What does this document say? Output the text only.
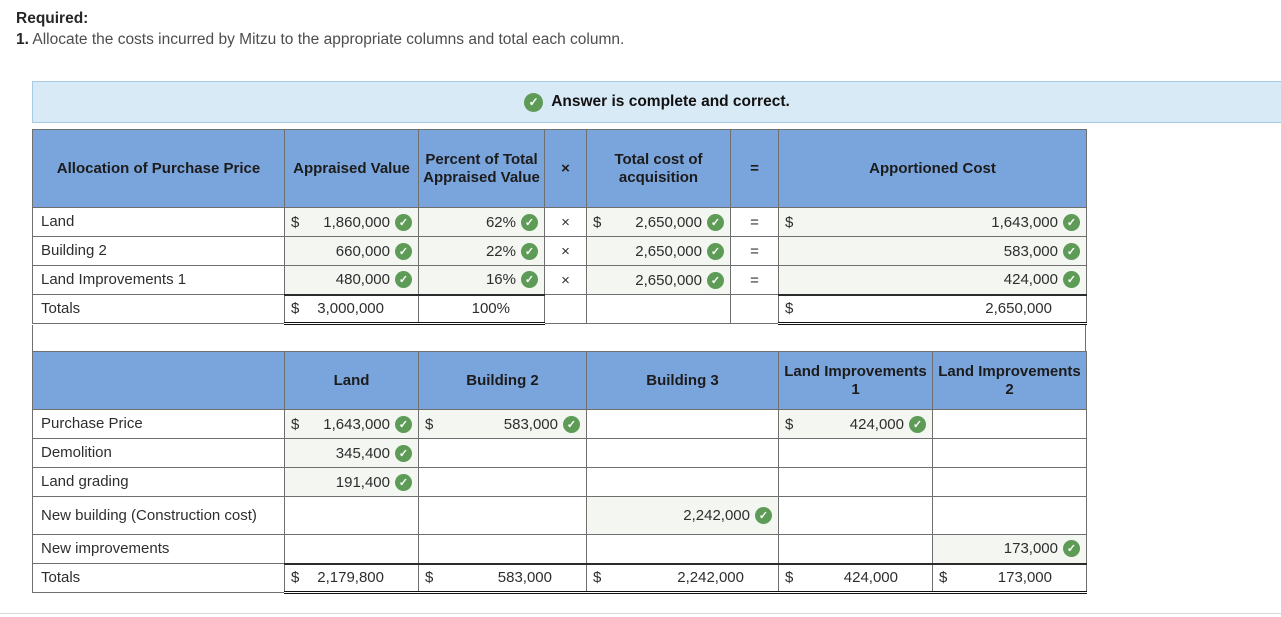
Required:
1. Allocate the costs incurred by Mitzu to the appropriate columns and total each column.
✓ Answer is complete and correct.
Allocation of Purchase Price	Appraised Value	Percent of Total Appraised Value	×	Total cost of acquisition	=	Apportioned Cost
Land	$ 1,860,000 ✓	62% ✓	×	$ 2,650,000 ✓	=	$ 1,643,000 ✓

Building 2	660,000 ✓	22% ✓	×	2,650,000 ✓	=	583,000 ✓

Land Improvements 1	480,000 ✓	16% ✓	×	2,650,000 ✓	=	424,000 ✓

Totals	$ 3,000,000	100%				$ 2,650,000
	Land	Building 2	Building 3	Land Improvements 1	Land Improvements 2
Purchase Price	$ 1,643,000 ✓	$ 583,000 ✓		$ 424,000 ✓	

Demolition	345,400 ✓				

Land grading	191,400 ✓				

New building (Construction cost)			2,242,000 ✓		

New improvements					173,000 ✓

Totals	$ 2,179,800	$ 583,000	$ 2,242,000	$ 424,000	$ 173,000
